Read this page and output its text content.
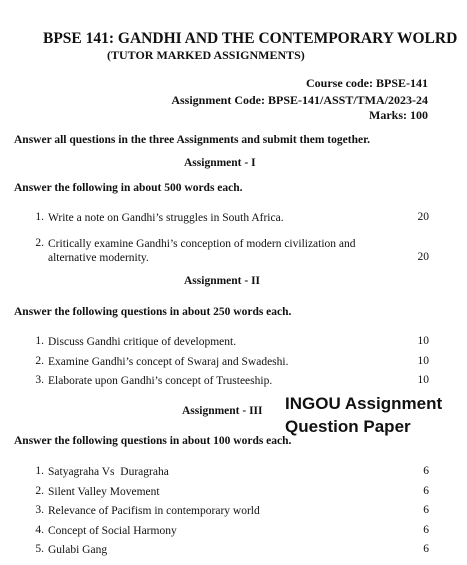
BPSE 141: GANDHI AND THE CONTEMPORARY WOLRD
(TUTOR MARKED ASSIGNMENTS)
Course code: BPSE-141
Assignment Code: BPSE-141/ASST/TMA/2023-24
Marks: 100
Answer all questions in the three Assignments and submit them together.
Assignment - I
Answer the following in about 500 words each.
1. Write a note on Gandhi’s struggles in South Africa.	20
2. Critically examine Gandhi’s conception of modern civilization and alternative modernity.	20
Assignment - II
Answer the following questions in about 250 words each.
1. Discuss Gandhi critique of development.	10
2. Examine Gandhi’s concept of Swaraj and Swadeshi.	10
3. Elaborate upon Gandhi’s concept of Trusteeship.	10
Assignment - III
Answer the following questions in about 100 words each.
1. Satyagraha Vs  Duragraha	6
2. Silent Valley Movement	6
3. Relevance of Pacifism in contemporary world	6
4. Concept of Social Harmony	6
5. Gulabi Gang	6
INGOU Assignment
Question Paper
